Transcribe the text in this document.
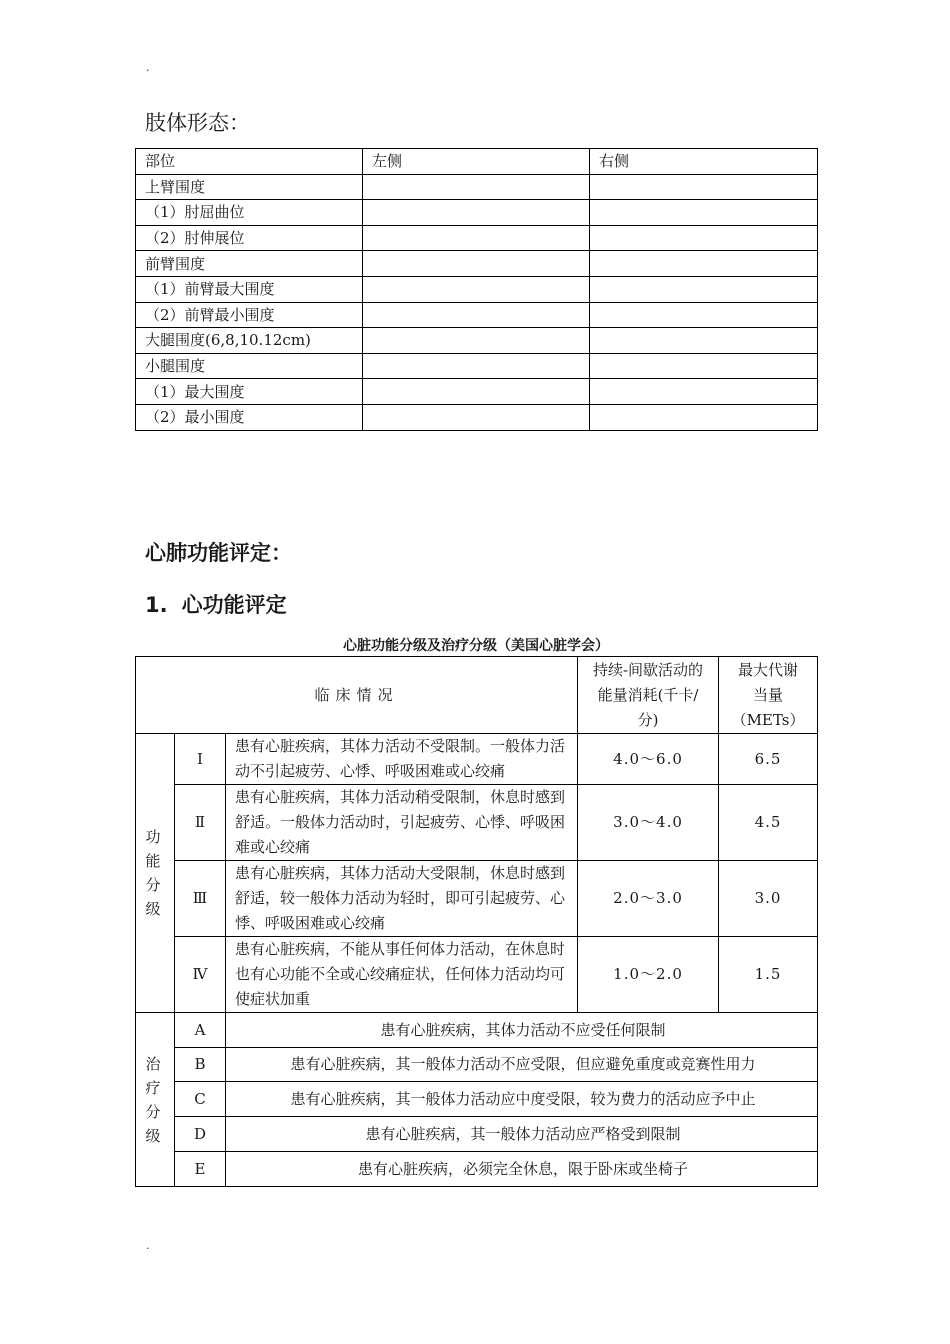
.
肢体形态：
部位	左侧	右侧
上臂围度		
（1）肘屈曲位		
（2）肘伸展位		
前臂围度		
（1）前臂最大围度		
（2）前臂最小围度		
大腿围度(6,8,10.12cm)		
小腿围度		
（1）最大围度		
（2）最小围度		
心肺功能评定：
1. 心功能评定
心脏功能分级及治疗分级（美国心脏学会）
临床情况			持续-间歇活动的能量消耗(千卡/分)	最大代谢当量（METs）
功能分级	Ⅰ	患有心脏疾病，其体力活动不受限制。一般体力活动不引起疲劳、心悸、呼吸困难或心绞痛	4.0～6.0	6.5
	Ⅱ	患有心脏疾病，其体力活动稍受限制，休息时感到舒适。一般体力活动时，引起疲劳、心悸、呼吸困难或心绞痛	3.0～4.0	4.5
	Ⅲ	患有心脏疾病，其体力活动大受限制，休息时感到舒适，较一般体力活动为轻时，即可引起疲劳、心悸、呼吸困难或心绞痛	2.0～3.0	3.0
	Ⅳ	患有心脏疾病，不能从事任何体力活动，在休息时也有心功能不全或心绞痛症状，任何体力活动均可使症状加重	1.0～2.0	1.5
治疗分级	A	患有心脏疾病，其体力活动不应受任何限制		
	B	患有心脏疾病，其一般体力活动不应受限，但应避免重度或竞赛性用力		
	C	患有心脏疾病，其一般体力活动应中度受限，较为费力的活动应予中止		
	D	患有心脏疾病，其一般体力活动应严格受到限制		
	E	患有心脏疾病，必须完全休息，限于卧床或坐椅子		
.
